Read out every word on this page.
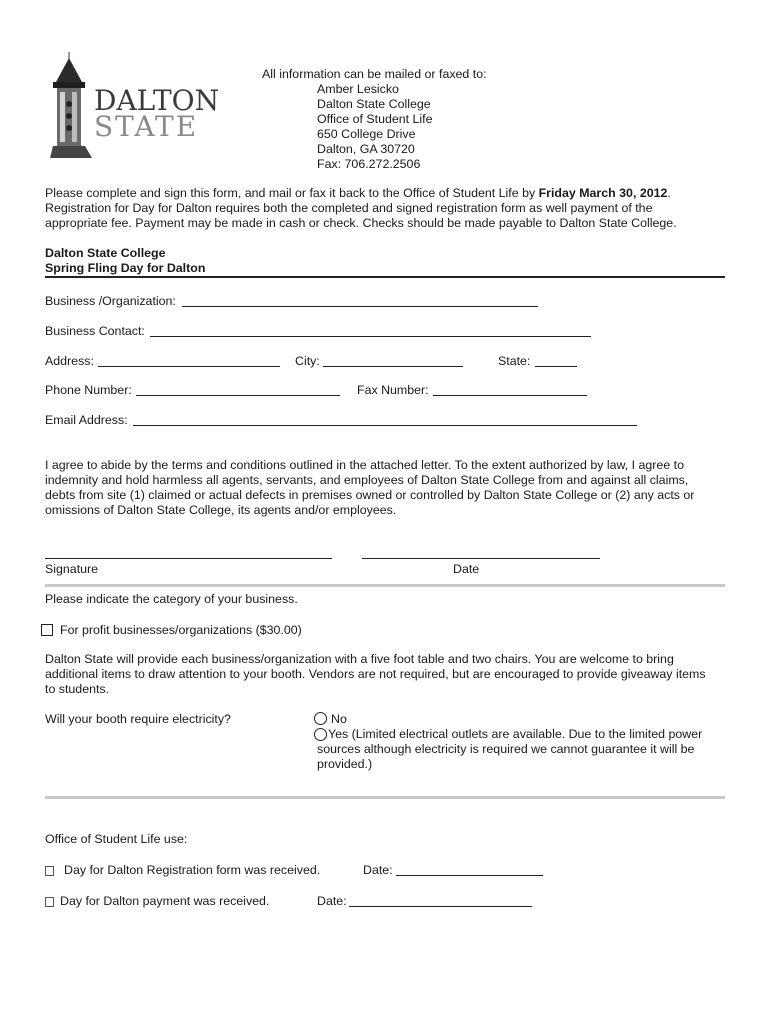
DALTON
STATE
All information can be mailed or faxed to:
Amber Lesicko
Dalton State College
Office of Student Life
650 College Drive
Dalton, GA 30720
Fax: 706.272.2506
Please complete and sign this form, and mail or fax it back to the Office of Student Life by Friday March 30, 2012.
Registration for Day for Dalton requires both the completed and signed registration form as well payment of the
appropriate fee. Payment may be made in cash or check. Checks should be made payable to Dalton State College.
Dalton State College
Spring Fling Day for Dalton
Business /Organization:
Business Contact:
Address:	City:	State:
Phone Number:	Fax Number:
Email Address:
I agree to abide by the terms and conditions outlined in the attached letter. To the extent authorized by law, I agree to
indemnity and hold harmless all agents, servants, and employees of Dalton State College from and against all claims,
debts from site (1) claimed or actual defects in premises owned or controlled by Dalton State College or (2) any acts or
omissions of Dalton State College, its agents and/or employees.
Signature	Date
Please indicate the category of your business.
For profit businesses/organizations ($30.00)
Dalton State will provide each business/organization with a five foot table and two chairs. You are welcome to bring
additional items to draw attention to your booth. Vendors are not required, but are encouraged to provide giveaway items
to students.
Will your booth require electricity?	No
Yes (Limited electrical outlets are available. Due to the limited power
sources although electricity is required we cannot guarantee it will be
provided.)
Office of Student Life use:
Day for Dalton Registration form was received.	Date:
Day for Dalton payment was received.	Date:
